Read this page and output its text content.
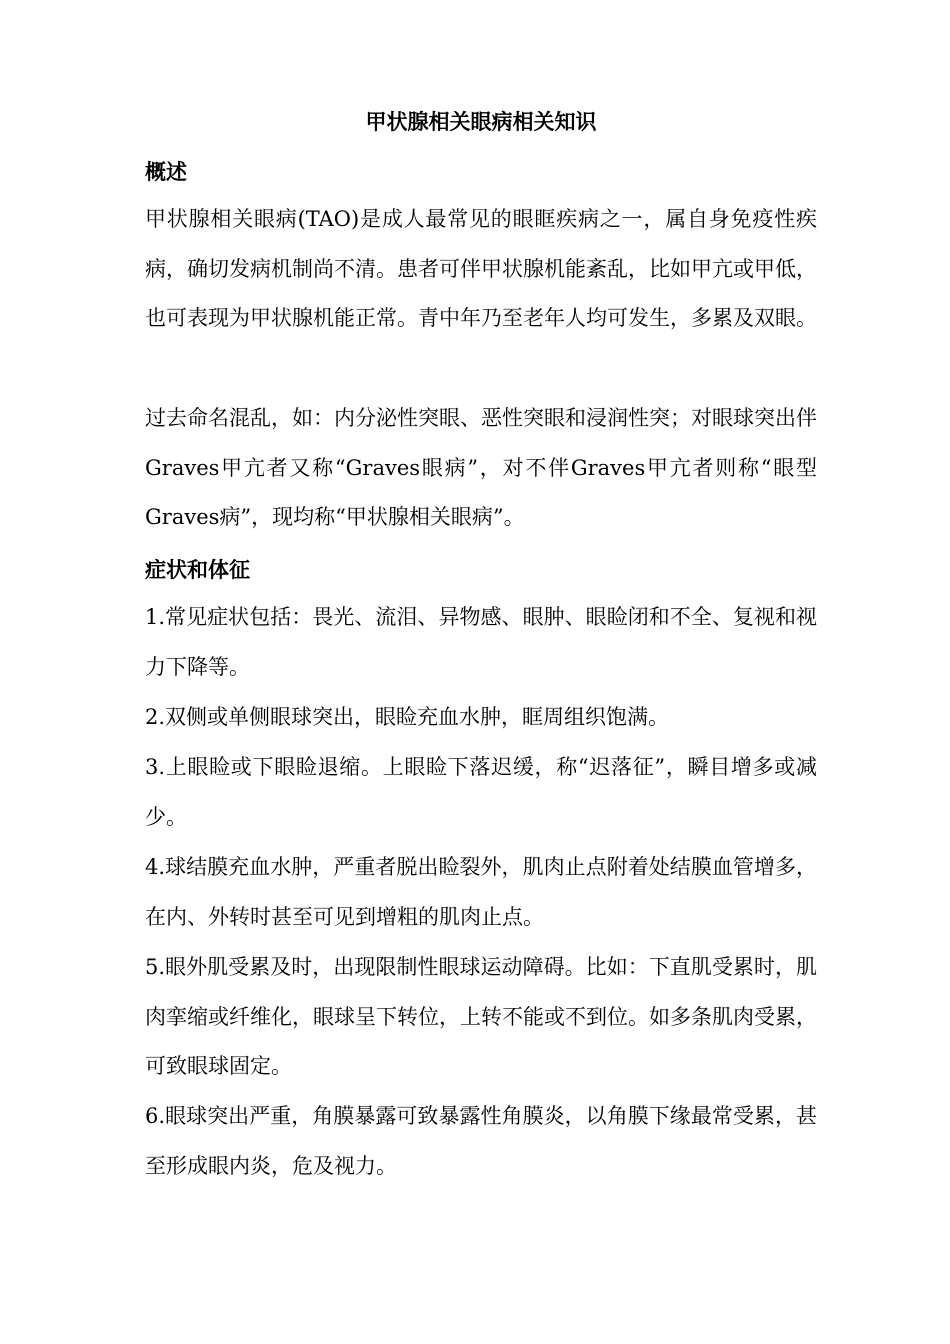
甲状腺相关眼病相关知识
概述

甲状腺相关眼病(TAO)是成人最常见的眼眶疾病之一，属自身免疫性疾病，确切发病机制尚不清。患者可伴甲状腺机能紊乱，比如甲亢或甲低，也可表现为甲状腺机能正常。青中年乃至老年人均可发生，多累及双眼。

过去命名混乱，如：内分泌性突眼、恶性突眼和浸润性突；对眼球突出伴Graves甲亢者又称“Graves眼病”，对不伴Graves甲亢者则称“眼型Graves病”，现均称“甲状腺相关眼病”。

症状和体征

1.常见症状包括：畏光、流泪、异物感、眼肿、眼睑闭和不全、复视和视力下降等。

2.双侧或单侧眼球突出，眼睑充血水肿，眶周组织饱满。

3.上眼睑或下眼睑退缩。上眼睑下落迟缓，称“迟落征”，瞬目增多或减少。

4.球结膜充血水肿，严重者脱出睑裂外，肌肉止点附着处结膜血管增多，在内、外转时甚至可见到增粗的肌肉止点。

5.眼外肌受累及时，出现限制性眼球运动障碍。比如：下直肌受累时，肌肉挛缩或纤维化，眼球呈下转位，上转不能或不到位。如多条肌肉受累，可致眼球固定。

6.眼球突出严重，角膜暴露可致暴露性角膜炎，以角膜下缘最常受累，甚至形成眼内炎，危及视力。
